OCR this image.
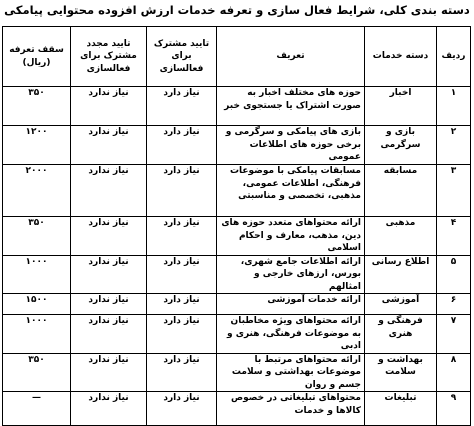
دسته بندی کلی، شرایط فعال سازی و تعرفه خدمات ارزش افزوده محتوایی پیامکی
ردیف	دسته خدمات	تعریف	تایید مشترک برای فعالسازی	تایید مجدد مشترک برای فعالسازی	سقف تعرفه (ریال)
۱	اخبار	حوزه های مختلف اخبار به صورت اشتراک یا جستجوی خبر	نیاز دارد	نیاز ندارد	۳۵۰
۲	بازی و سرگرمی	بازی های پیامکی و سرگرمی و برخی حوزه های اطلاعات عمومی	نیاز دارد	نیاز ندارد	۱۲۰۰
۳	مسابقه	مسابقات پیامکی با موضوعات فرهنگی، اطلاعات عمومی، مذهبی، تخصصی و مناسبتی	نیاز دارد	نیاز ندارد	۲۰۰۰
۴	مذهبی	ارائه محتواهای متعدد حوزه های دین، مذهب، معارف و احکام اسلامی	نیاز دارد	نیاز ندارد	۳۵۰
۵	اطلاع رسانی	ارائه اطلاعات جامع شهری، بورس، ارزهای خارجی و امثالهم	نیاز دارد	نیاز ندارد	۱۰۰۰
۶	آموزشی	ارائه خدمات آموزشی	نیاز دارد	نیاز ندارد	۱۵۰۰
۷	فرهنگی و هنری	ارائه محتواهای ویژه مخاطبان به موضوعات فرهنگی، هنری و ادبی	نیاز دارد	نیاز ندارد	۱۰۰۰
۸	بهداشت و سلامت	ارائه محتواهای مرتبط با موضوعات بهداشتی و سلامت جسم و روان	نیاز دارد	نیاز ندارد	۳۵۰
۹	تبلیغات	محتواهای تبلیغاتی در خصوص کالاها و خدمات	نیاز دارد	نیاز ندارد	—
